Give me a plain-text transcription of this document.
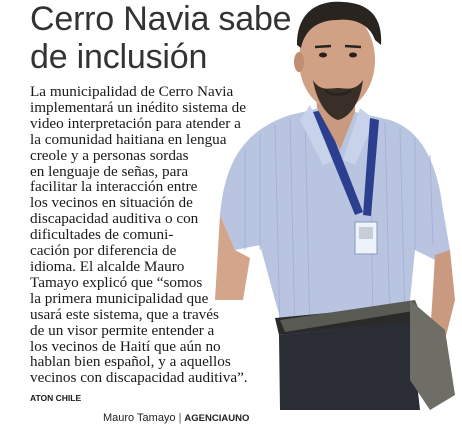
Cerro Navia sabe
de inclusión

La municipalidad de Cerro Navia
implementará un inédito sistema de
video interpretación para atender a
la comunidad haitiana en lengua
creole y a personas sordas
en lenguaje de señas, para
facilitar la interacción entre
los vecinos en situación de
discapacidad auditiva o con
dificultades de comuni-
cación por diferencia de
idioma. El alcalde Mauro
Tamayo explicó que “somos
la primera municipalidad que
usará este sistema, que a través
de un visor permite entender a
los vecinos de Haití que aún no
hablan bien español, y a aquellos
vecinos con discapacidad auditiva”.

ATON CHILE
Mauro Tamayo | AGENCIAUNO
